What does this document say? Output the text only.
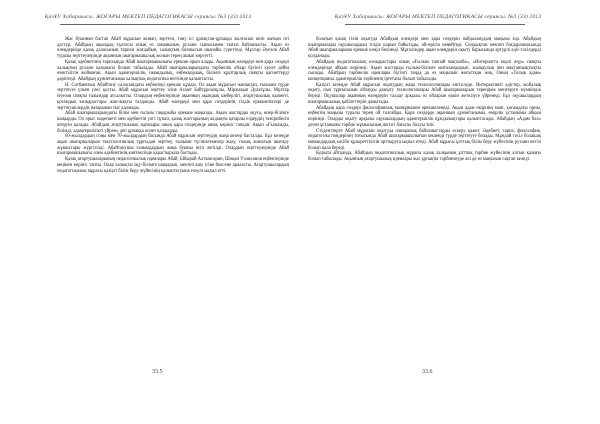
ҚазҰУ Хабаршысы. ЖОҒАРЫ МЕКТЕП ПЕДАГОГИКАСЫ сериясы. №3 (33) 2013

Жас буыннан бастап Абай мұрасын жинап, зерттеп, тану ісі ұрпақтан-ұрпаққа жалғасып келе жатқан игі дәстүр. Абайдың ақындық тұлғасы оның өз заманының рухани тынысымен тығыз байланысты. Ақын өз өлеңдерінде қазақ даласының тарихи жағдайын, халықтың болмысын шынайы суреттеді. Мұхтар Әуезов Абай туралы зерттеулерінде ақынның шығармашылық жолын терең ашып көрсетті.

Қазақ әдебиетінің тарихында Абай шығармашылығы ерекше орын алады. Ақынның өлеңдері мен қара сөздері халықтың рухани қазынасы болып табылады. Абай шығармаларындағы тәрбиелік ойлар бүгінгі күнге дейін өзектілігін жоймаған. Ақын адамгершілік, имандылық, еңбекқорлық, білімге құштарлық сияқты қасиеттерді дәріптеді. Абайдың дүниетанымы халықтық педагогика негізінде қалыптасты.

Н. Сәтбаевтың Абайтану саласындағы еңбектері ерекше құнды. Ол ақын мұрасын жинақтап, ғылыми түрде зерттеуге үлкен үлес қосты. Абай мұрасын зерттеу ісіне Ахмет Байтұрсынұлы, Міржақып Дулатұлы, Мұхтар Әуезов сияқты ғалымдар атсалысты. Олардың еңбектерінде ақынның ақындық шеберлігі, ағартушылық қызметі, қоғамдық көзқарастары жан-жақты талданды. Абай өлеңдері мен қара сөздерінің тілдік ерекшеліктері де зерттеушілердің назарынан тыс қалмады.

Абай шығармаларындағы білім мен ғылым тақырыбы ерекше маңызды. Ақын жастарды оқуға, өнер-білімге шақырды. Ол орыс мәдениеті мен әдебиетін үлгі тұтып, қазақ жастарының алдыңғы қатарлы елдердің тәжірибесін игеруін қалады. Абайдың ағартушылық идеялары оның қара сөздерінде анық көрініс тапқан. Ақын «Ғылымды, білімді, адамгершілікті үйрен» деп ұрпаққа өсиет қалдырды.

60-жылдардың соңы мен 70-жылдардың басында Абай мұрасын зерттеудің жаңа кезеңі басталды. Бұл кезеңде ақын шығармаларын текстологиялық тұрғыдан зерттеу, ғылыми түсініктемелер жазу, толық жинағын шығару жұмыстары жүргізілді. Абайтанушы ғалымдардың жаңа буыны өсіп жетілді. Олардың зерттеулерінде Абай шығармашылығы әлем әдебиетінің контексінде қарастырыла бастады.

Қазақ ағартушыларының педагогикалық идеялары Абай, Ыбырай Алтынсарин, Шоқан Уәлиханов еңбектерінде кеңінен көрініс тапты. Олар халықты оқу-білімге шақырып, мектеп ашу ісіне белсене араласты. Ағартушылардың педагогикалық мұрасы қазіргі білім беру жүйесінің қалыптасуына елеулі ықпал етті.

33.5
ҚазҰУ Хабаршысы. ЖОҒАРЫ МЕКТЕП ПЕДАГОГИКАСЫ сериясы. №3 (33) 2013

болатын қазақ тілін оқытуда Абайдың өлеңдері мен қара сөздерін пайдаланудың маңызы зор. Абайдың шығармалары оқушылардың тілдік қорын байытады, ой-өрісін кеңейтеді. Сондықтан мектеп бағдарламасында Абай шығармаларына ерекше көңіл бөлінеді. Мұғалімдер ақын өлеңдерін оқыту барысында әртүрлі әдіс-тәсілдерді қолданады.

Абайдың педагогикалық көзқарастары оның «Ғылым таппай мақтанба», «Интернатта оқып жүр» сияқты өлеңдерінде айқын көрінеді. Ақын жастарды ғылым-білімге ынталандырып, жалқаулық пен мақтаншақтықты сынады. Абайдың тәрбиелік идеялары бүгінгі таңда да өз маңызын жоғалтқан жоқ. Оның «Толық адам» концепциясы адамгершілік тәрбиенің іргетасы болып табылады.

Қазіргі кезеңде Абай мұрасын оқытудың жаңа технологиялары енгізілуде. Интерактивті әдістер, жобалық оқыту, сын тұрғысынан ойлауды дамыту технологиялары Абай шығармаларын тереңірек меңгеруге мүмкіндік береді. Оқушылар ақынның өлеңдерін талдау арқылы өз ойларын еркін жеткізуге үйренеді. Бұл оқушылардың шығармашылық қабілеттерін дамытады.

Абайдың қара сөздері философиялық мазмұнымен ерекшеленеді. Ақын адам өмірінің мәні, қоғамдағы орны, еңбектің маңызы туралы терең ой толғайды. Қара сөздерде ақынның дүниетанымы, өмірлік ұстанымы айқын көрінеді. Оларды оқыту арқылы оқушылардың адамгершілік құндылықтары қалыптасады. Абайдың «Адам бол» деген ұстанымы тәрбие жұмысының негізгі бағыты болуы тиіс.

Студенттерге Абай мұрасын оқытуда пәнаралық байланыстарды ескеру қажет. Әдебиет, тарих, философия, педагогика пәндерінің тоғысында Абай шығармашылығын кешенді түрде зерттеуге болады. Мұндай тәсіл болашақ мамандардың кәсіби құзыреттілігін арттыруға ықпал етеді. Абай мұрасы ұлттық білім беру жүйесінің рухани негізі болып қала береді.

Қорыта айтқанда, Абайдың педагогикалық мұрасы қазақ халқының ұлттық тәрбие жүйесінің алтын қазығы болып табылады. Ақынның ағартушылық идеялары жас ұрпақты тәрбиелеуде әлі де өз маңызын сақтап келеді.

33.6
